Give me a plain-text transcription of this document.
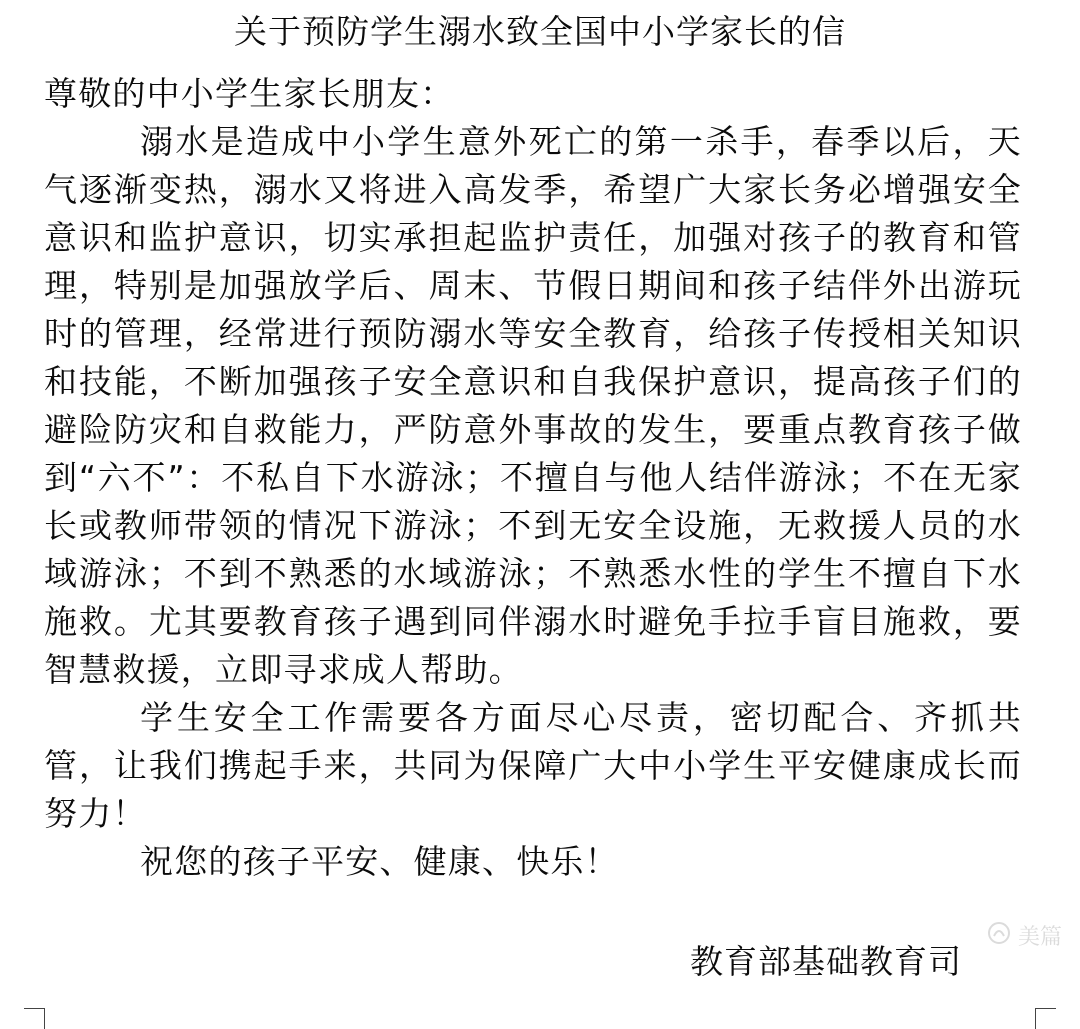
关于预防学生溺水致全国中小学家长的信

尊敬的中小学生家长朋友：

溺水是造成中小学生意外死亡的第一杀手，春季以后，天气逐渐变热，溺水又将进入高发季，希望广大家长务必增强安全意识和监护意识，切实承担起监护责任，加强对孩子的教育和管理，特别是加强放学后、周末、节假日期间和孩子结伴外出游玩时的管理，经常进行预防溺水等安全教育，给孩子传授相关知识和技能，不断加强孩子安全意识和自我保护意识，提高孩子们的避险防灾和自救能力，严防意外事故的发生，要重点教育孩子做到“六不”：不私自下水游泳；不擅自与他人结伴游泳；不在无家长或教师带领的情况下游泳；不到无安全设施，无救援人员的水域游泳；不到不熟悉的水域游泳；不熟悉水性的学生不擅自下水施救。尤其要教育孩子遇到同伴溺水时避免手拉手盲目施救，要智慧救援，立即寻求成人帮助。

学生安全工作需要各方面尽心尽责，密切配合、齐抓共管，让我们携起手来，共同为保障广大中小学生平安健康成长而努力！

祝您的孩子平安、健康、快乐！

教育部基础教育司
美篇
